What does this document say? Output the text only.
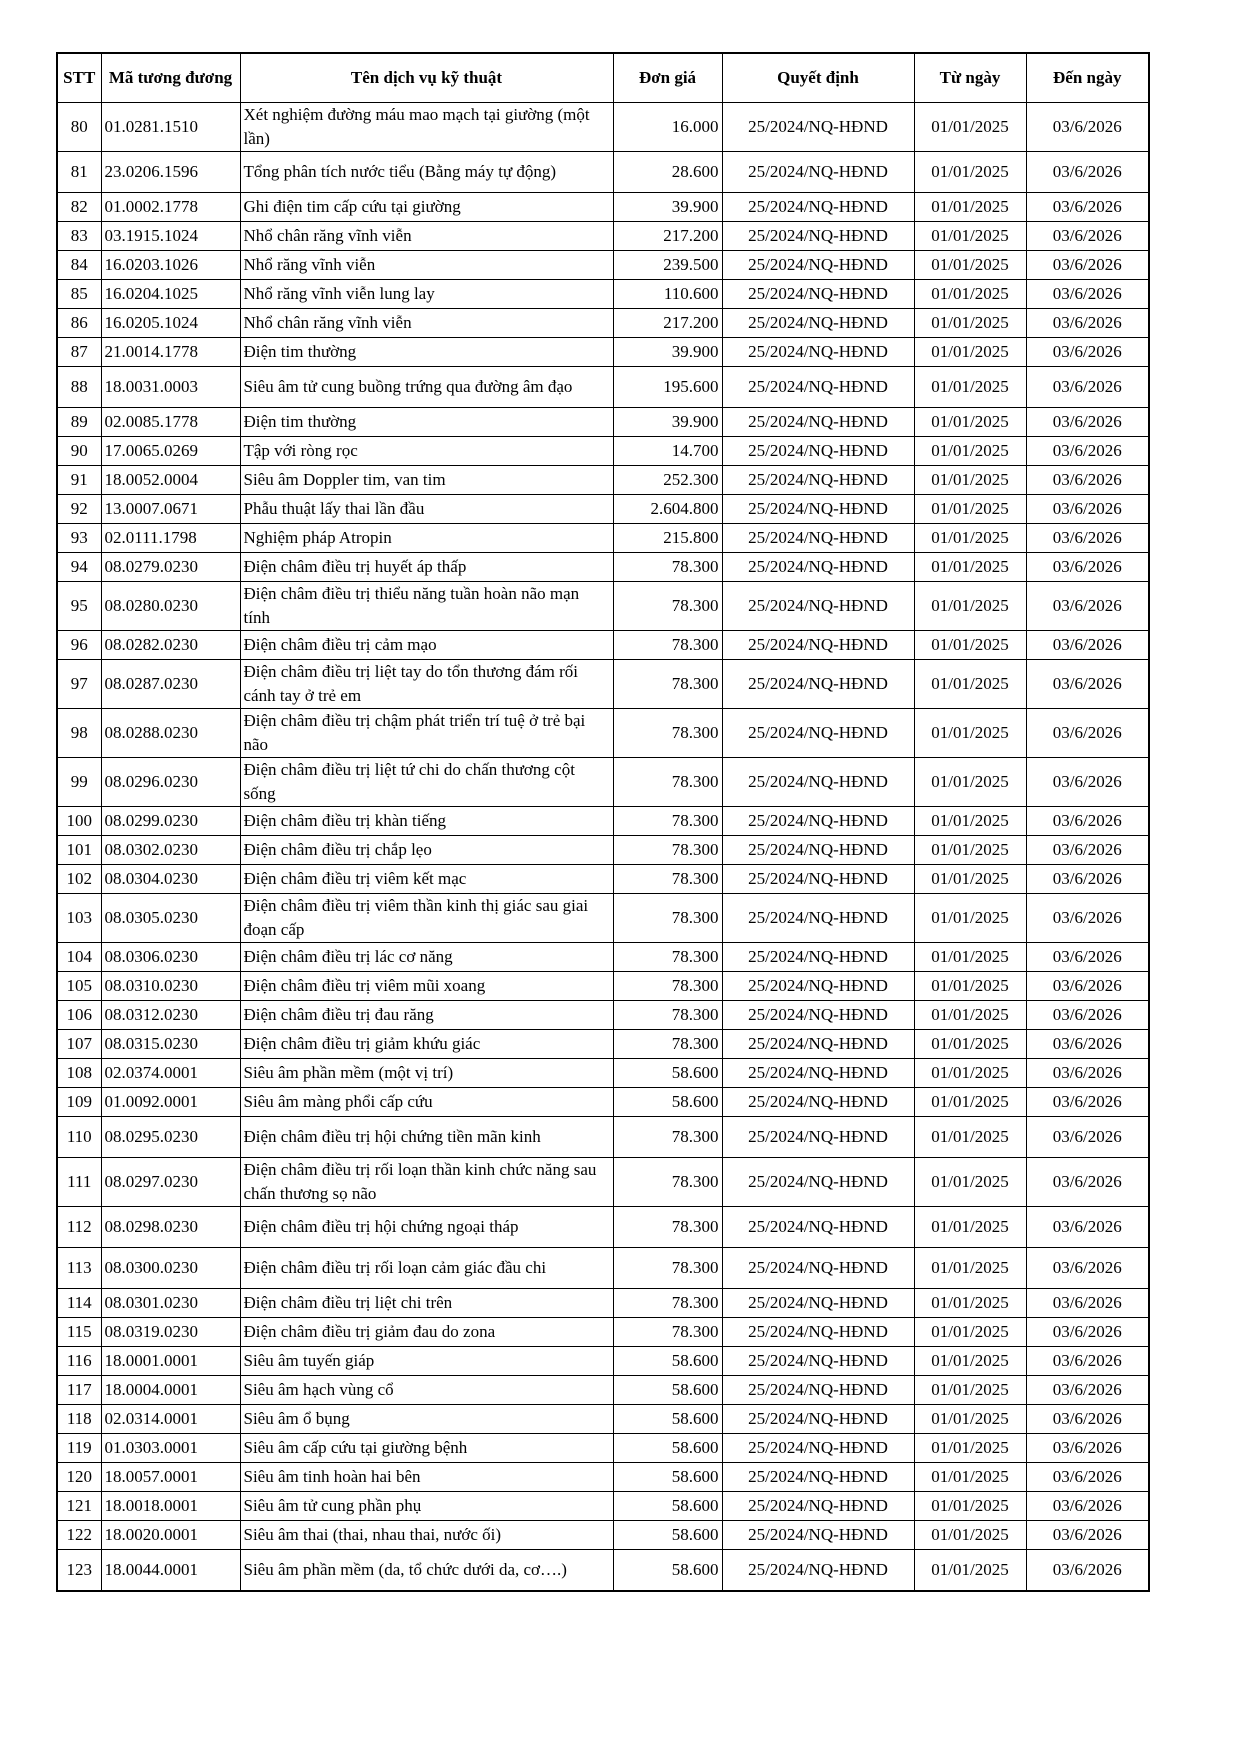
STT	Mã tương đương	Tên dịch vụ kỹ thuật	Đơn giá	Quyết định	Từ ngày	Đến ngày
80	01.0281.1510	Xét nghiệm đường máu mao mạch tại giường (một lần)	16.000	25/2024/NQ-HĐND	01/01/2025	03/6/2026
81	23.0206.1596	Tổng phân tích nước tiểu (Bằng máy tự động)	28.600	25/2024/NQ-HĐND	01/01/2025	03/6/2026
82	01.0002.1778	Ghi điện tim cấp cứu tại giường	39.900	25/2024/NQ-HĐND	01/01/2025	03/6/2026
83	03.1915.1024	Nhổ chân răng vĩnh viễn	217.200	25/2024/NQ-HĐND	01/01/2025	03/6/2026
84	16.0203.1026	Nhổ răng vĩnh viễn	239.500	25/2024/NQ-HĐND	01/01/2025	03/6/2026
85	16.0204.1025	Nhổ răng vĩnh viễn lung lay	110.600	25/2024/NQ-HĐND	01/01/2025	03/6/2026
86	16.0205.1024	Nhổ chân răng vĩnh viễn	217.200	25/2024/NQ-HĐND	01/01/2025	03/6/2026
87	21.0014.1778	Điện tim thường	39.900	25/2024/NQ-HĐND	01/01/2025	03/6/2026
88	18.0031.0003	Siêu âm tử cung buồng trứng qua đường âm đạo	195.600	25/2024/NQ-HĐND	01/01/2025	03/6/2026
89	02.0085.1778	Điện tim thường	39.900	25/2024/NQ-HĐND	01/01/2025	03/6/2026
90	17.0065.0269	Tập với ròng rọc	14.700	25/2024/NQ-HĐND	01/01/2025	03/6/2026
91	18.0052.0004	Siêu âm Doppler tim, van tim	252.300	25/2024/NQ-HĐND	01/01/2025	03/6/2026
92	13.0007.0671	Phẫu thuật lấy thai lần đầu	2.604.800	25/2024/NQ-HĐND	01/01/2025	03/6/2026
93	02.0111.1798	Nghiệm pháp Atropin	215.800	25/2024/NQ-HĐND	01/01/2025	03/6/2026
94	08.0279.0230	Điện châm điều trị huyết áp thấp	78.300	25/2024/NQ-HĐND	01/01/2025	03/6/2026
95	08.0280.0230	Điện châm điều trị thiểu năng tuần hoàn não mạn tính	78.300	25/2024/NQ-HĐND	01/01/2025	03/6/2026
96	08.0282.0230	Điện châm điều trị cảm mạo	78.300	25/2024/NQ-HĐND	01/01/2025	03/6/2026
97	08.0287.0230	Điện châm điều trị liệt tay do tổn thương đám rối cánh tay ở trẻ em	78.300	25/2024/NQ-HĐND	01/01/2025	03/6/2026
98	08.0288.0230	Điện châm điều trị chậm phát triển trí tuệ ở trẻ bại não	78.300	25/2024/NQ-HĐND	01/01/2025	03/6/2026
99	08.0296.0230	Điện châm điều trị liệt tứ chi do chấn thương cột sống	78.300	25/2024/NQ-HĐND	01/01/2025	03/6/2026
100	08.0299.0230	Điện châm điều trị khàn tiếng	78.300	25/2024/NQ-HĐND	01/01/2025	03/6/2026
101	08.0302.0230	Điện châm điều trị chắp lẹo	78.300	25/2024/NQ-HĐND	01/01/2025	03/6/2026
102	08.0304.0230	Điện châm điều trị viêm kết mạc	78.300	25/2024/NQ-HĐND	01/01/2025	03/6/2026
103	08.0305.0230	Điện châm điều trị viêm thần kinh thị giác sau giai đoạn cấp	78.300	25/2024/NQ-HĐND	01/01/2025	03/6/2026
104	08.0306.0230	Điện châm điều trị lác cơ năng	78.300	25/2024/NQ-HĐND	01/01/2025	03/6/2026
105	08.0310.0230	Điện châm điều trị viêm mũi xoang	78.300	25/2024/NQ-HĐND	01/01/2025	03/6/2026
106	08.0312.0230	Điện châm điều trị đau răng	78.300	25/2024/NQ-HĐND	01/01/2025	03/6/2026
107	08.0315.0230	Điện châm điều trị giảm khứu giác	78.300	25/2024/NQ-HĐND	01/01/2025	03/6/2026
108	02.0374.0001	Siêu âm phần mềm (một vị trí)	58.600	25/2024/NQ-HĐND	01/01/2025	03/6/2026
109	01.0092.0001	Siêu âm màng phổi cấp cứu	58.600	25/2024/NQ-HĐND	01/01/2025	03/6/2026
110	08.0295.0230	Điện châm điều trị hội chứng tiền mãn kinh	78.300	25/2024/NQ-HĐND	01/01/2025	03/6/2026
111	08.0297.0230	Điện châm điều trị rối loạn thần kinh chức năng sau chấn thương sọ não	78.300	25/2024/NQ-HĐND	01/01/2025	03/6/2026
112	08.0298.0230	Điện châm điều trị hội chứng ngoại tháp	78.300	25/2024/NQ-HĐND	01/01/2025	03/6/2026
113	08.0300.0230	Điện châm điều trị rối loạn cảm giác đầu chi	78.300	25/2024/NQ-HĐND	01/01/2025	03/6/2026
114	08.0301.0230	Điện châm điều trị liệt chi trên	78.300	25/2024/NQ-HĐND	01/01/2025	03/6/2026
115	08.0319.0230	Điện châm điều trị giảm đau do zona	78.300	25/2024/NQ-HĐND	01/01/2025	03/6/2026
116	18.0001.0001	Siêu âm tuyến giáp	58.600	25/2024/NQ-HĐND	01/01/2025	03/6/2026
117	18.0004.0001	Siêu âm hạch vùng cổ	58.600	25/2024/NQ-HĐND	01/01/2025	03/6/2026
118	02.0314.0001	Siêu âm ổ bụng	58.600	25/2024/NQ-HĐND	01/01/2025	03/6/2026
119	01.0303.0001	Siêu âm cấp cứu tại giường bệnh	58.600	25/2024/NQ-HĐND	01/01/2025	03/6/2026
120	18.0057.0001	Siêu âm tinh hoàn hai bên	58.600	25/2024/NQ-HĐND	01/01/2025	03/6/2026
121	18.0018.0001	Siêu âm tử cung phần phụ	58.600	25/2024/NQ-HĐND	01/01/2025	03/6/2026
122	18.0020.0001	Siêu âm thai (thai, nhau thai, nước ối)	58.600	25/2024/NQ-HĐND	01/01/2025	03/6/2026
123	18.0044.0001	Siêu âm phần mềm (da, tổ chức dưới da, cơ….)	58.600	25/2024/NQ-HĐND	01/01/2025	03/6/2026
